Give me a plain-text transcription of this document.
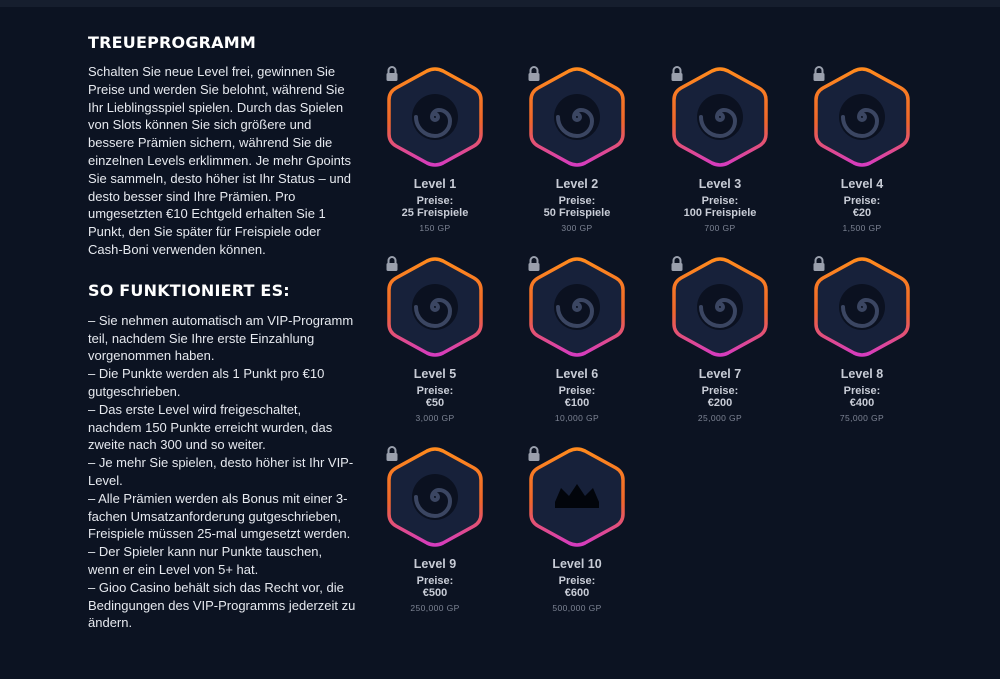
TREUEPROGRAMM

Schalten Sie neue Level frei, gewinnen Sie Preise und werden Sie belohnt, während Sie Ihr Lieblingsspiel spielen. Durch das Spielen von Slots können Sie sich größere und bessere Prämien sichern, während Sie die einzelnen Levels erklimmen. Je mehr Gpoints Sie sammeln, desto höher ist Ihr Status – und desto besser sind Ihre Prämien. Pro umgesetzten €10 Echtgeld erhalten Sie 1 Punkt, den Sie später für Freispiele oder Cash-Boni verwenden können.

SO FUNKTIONIERT ES:
– Sie nehmen automatisch am VIP-Programm teil, nachdem Sie Ihre erste Einzahlung vorgenommen haben.
– Die Punkte werden als 1 Punkt pro €10 gutgeschrieben.
– Das erste Level wird freigeschaltet, nachdem 150 Punkte erreicht wurden, das zweite nach 300 und so weiter.
– Je mehr Sie spielen, desto höher ist Ihr VIP-Level.
– Alle Prämien werden als Bonus mit einer 3-fachen Umsatzanforderung gutgeschrieben, Freispiele müssen 25-mal umgesetzt werden.
– Der Spieler kann nur Punkte tauschen, wenn er ein Level von 5+ hat.
– Gioo Casino behält sich das Recht vor, die Bedingungen des VIP-Programms jederzeit zu ändern.
Level 1
Preise:
25 Freispiele
150 GP
Level 2
Preise:
50 Freispiele
300 GP
Level 3
Preise:
100 Freispiele
700 GP
Level 4
Preise:
€20
1,500 GP
Level 5
Preise:
€50
3,000 GP
Level 6
Preise:
€100
10,000 GP
Level 7
Preise:
€200
25,000 GP
Level 8
Preise:
€400
75,000 GP
Level 9
Preise:
€500
250,000 GP
Level 10
Preise:
€600
500,000 GP
